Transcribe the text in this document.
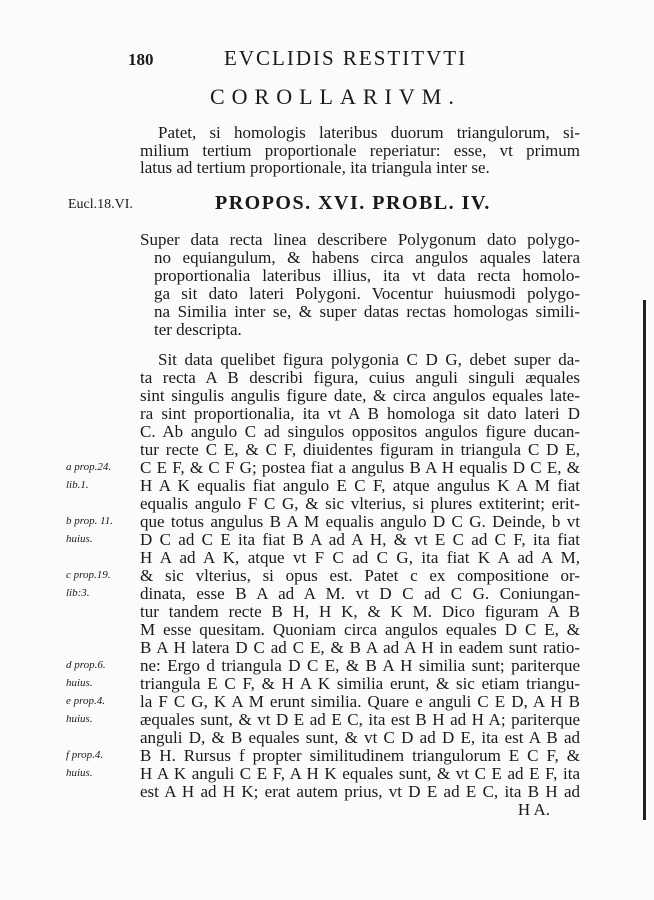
180	EVCLIDIS RESTITVTI
COROLLARIVM.
Patet, si homologis lateribus duorum triangulorum, si-
milium tertium proportionale reperiatur: esse, vt primum
latus ad tertium proportionale, ita triangula inter se.
Eucl.18.VI.	PROPOS. XVI. PROBL. IV.
Super data recta linea describere Polygonum dato polygo-
no equiangulum, & habens circa angulos aquales latera
proportionalia lateribus illius, ita vt data recta homolo-
ga sit dato lateri Polygoni. Vocentur huiusmodi polygo-
na Similia inter se, & super datas rectas homologas simili-
ter descripta.
Sit data quelibet figura polygonia C D G, debet super da-
ta recta A B describi figura, cuius anguli singuli æquales
sint singulis angulis figure date, & circa angulos equales late-
ra sint proportionalia, ita vt A B homologa sit dato lateri D
C. Ab angulo C ad singulos oppositos angulos figure ducan-
tur recte C E, & C F, diuidentes figuram in triangula C D E,
C E F, & C F G; postea fiat a angulus B A H equalis D C E, &
H A K equalis fiat angulo E C F, atque angulus K A M fiat
equalis angulo F C G, & sic vlterius, si plures extiterint; erit-
que totus angulus B A M equalis angulo D C G. Deinde, b vt
D C ad C E ita fiat B A ad A H, & vt E C ad C F, ita fiat
H A ad A K, atque vt F C ad C G, ita fiat K A ad A M,
& sic vlterius, si opus est. Patet c ex compositione or-
dinata, esse B A ad A M. vt D C ad C G. Coniungan-
tur tandem recte B H, H K, & K M. Dico figuram A B
M esse quesitam. Quoniam circa angulos equales D C E, &
B A H latera D C ad C E, & B A ad A H in eadem sunt ratio-
ne: Ergo d triangula D C E, & B A H similia sunt; pariterque
triangula E C F, & H A K similia erunt, & sic etiam triangu-
la F C G, K A M erunt similia. Quare e anguli C E D, A H B
æquales sunt, & vt D E ad E C, ita est B H ad H A; pariterque
anguli D, & B equales sunt, & vt C D ad D E, ita est A B ad
B H. Rursus f propter similitudinem triangulorum E C F, &
H A K anguli C E F, A H K equales sunt, & vt C E ad E F, ita
est A H ad H K; erat autem prius, vt D E ad E C, ita B H ad
H A.
a prop.24.
lib.1.
b prop. 11.
huius.
c prop.19.
lib:3.
d prop.6.
huius.
e prop.4.
huius.
f prop.4.
huius.
